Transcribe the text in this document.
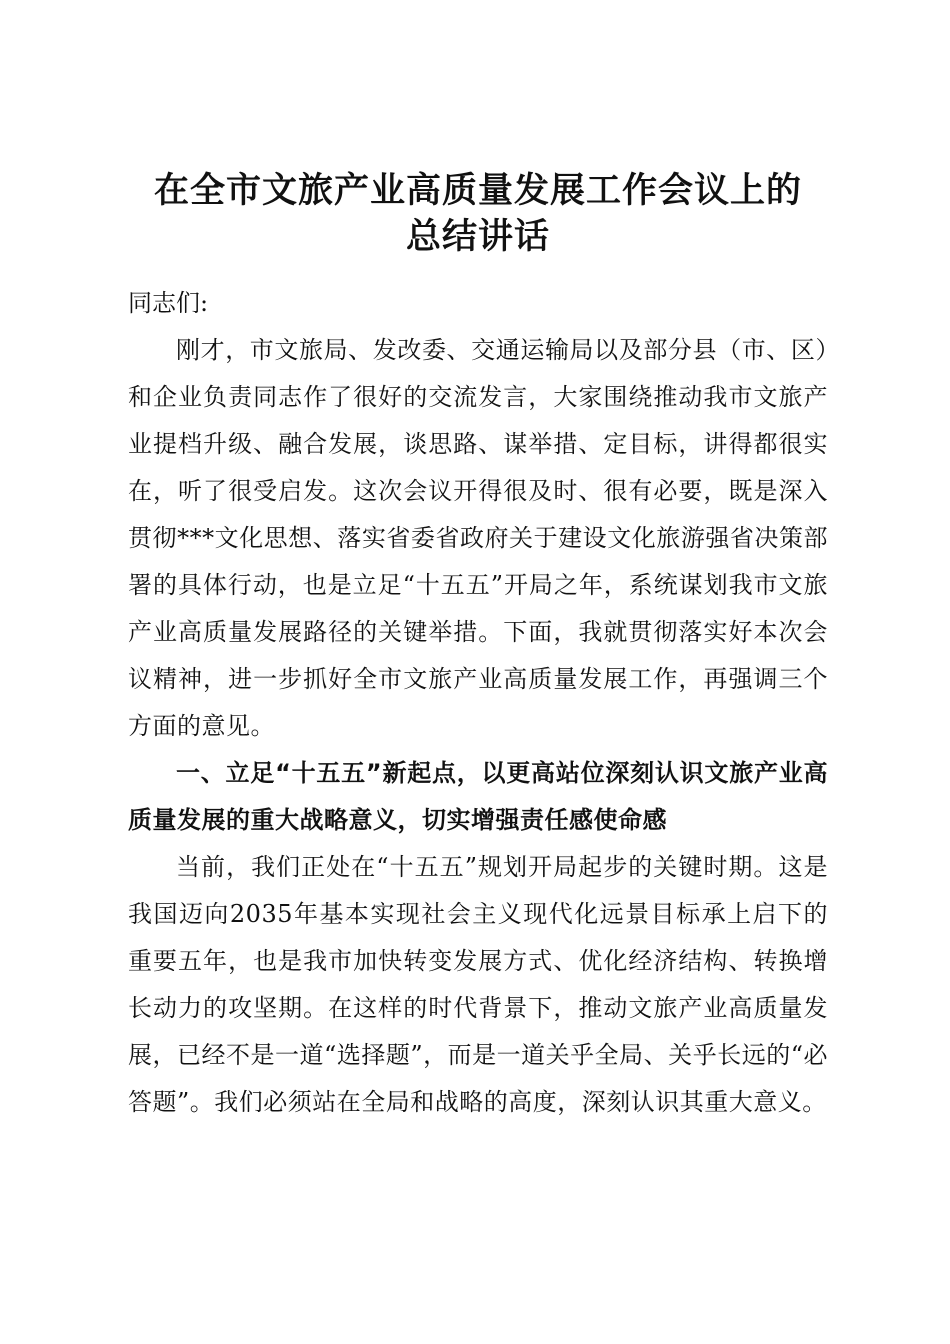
在全市文旅产业高质量发展工作会议上的
总结讲话

同志们:

刚才，市文旅局、发改委、交通运输局以及部分县（市、区）和企业负责同志作了很好的交流发言，大家围绕推动我市文旅产业提档升级、融合发展，谈思路、谋举措、定目标，讲得都很实在，听了很受启发。这次会议开得很及时、很有必要，既是深入贯彻***文化思想、落实省委省政府关于建设文化旅游强省决策部署的具体行动，也是立足“十五五”开局之年，系统谋划我市文旅产业高质量发展路径的关键举措。下面，我就贯彻落实好本次会议精神，进一步抓好全市文旅产业高质量发展工作，再强调三个方面的意见。

一、立足“十五五”新起点，以更高站位深刻认识文旅产业高质量发展的重大战略意义，切实增强责任感使命感

当前，我们正处在“十五五”规划开局起步的关键时期。这是我国迈向2035年基本实现社会主义现代化远景目标承上启下的重要五年，也是我市加快转变发展方式、优化经济结构、转换增长动力的攻坚期。在这样的时代背景下，推动文旅产业高质量发展，已经不是一道“选择题”，而是一道关乎全局、关乎长远的“必答题”。我们必须站在全局和战略的高度，深刻认识其重大意义。
